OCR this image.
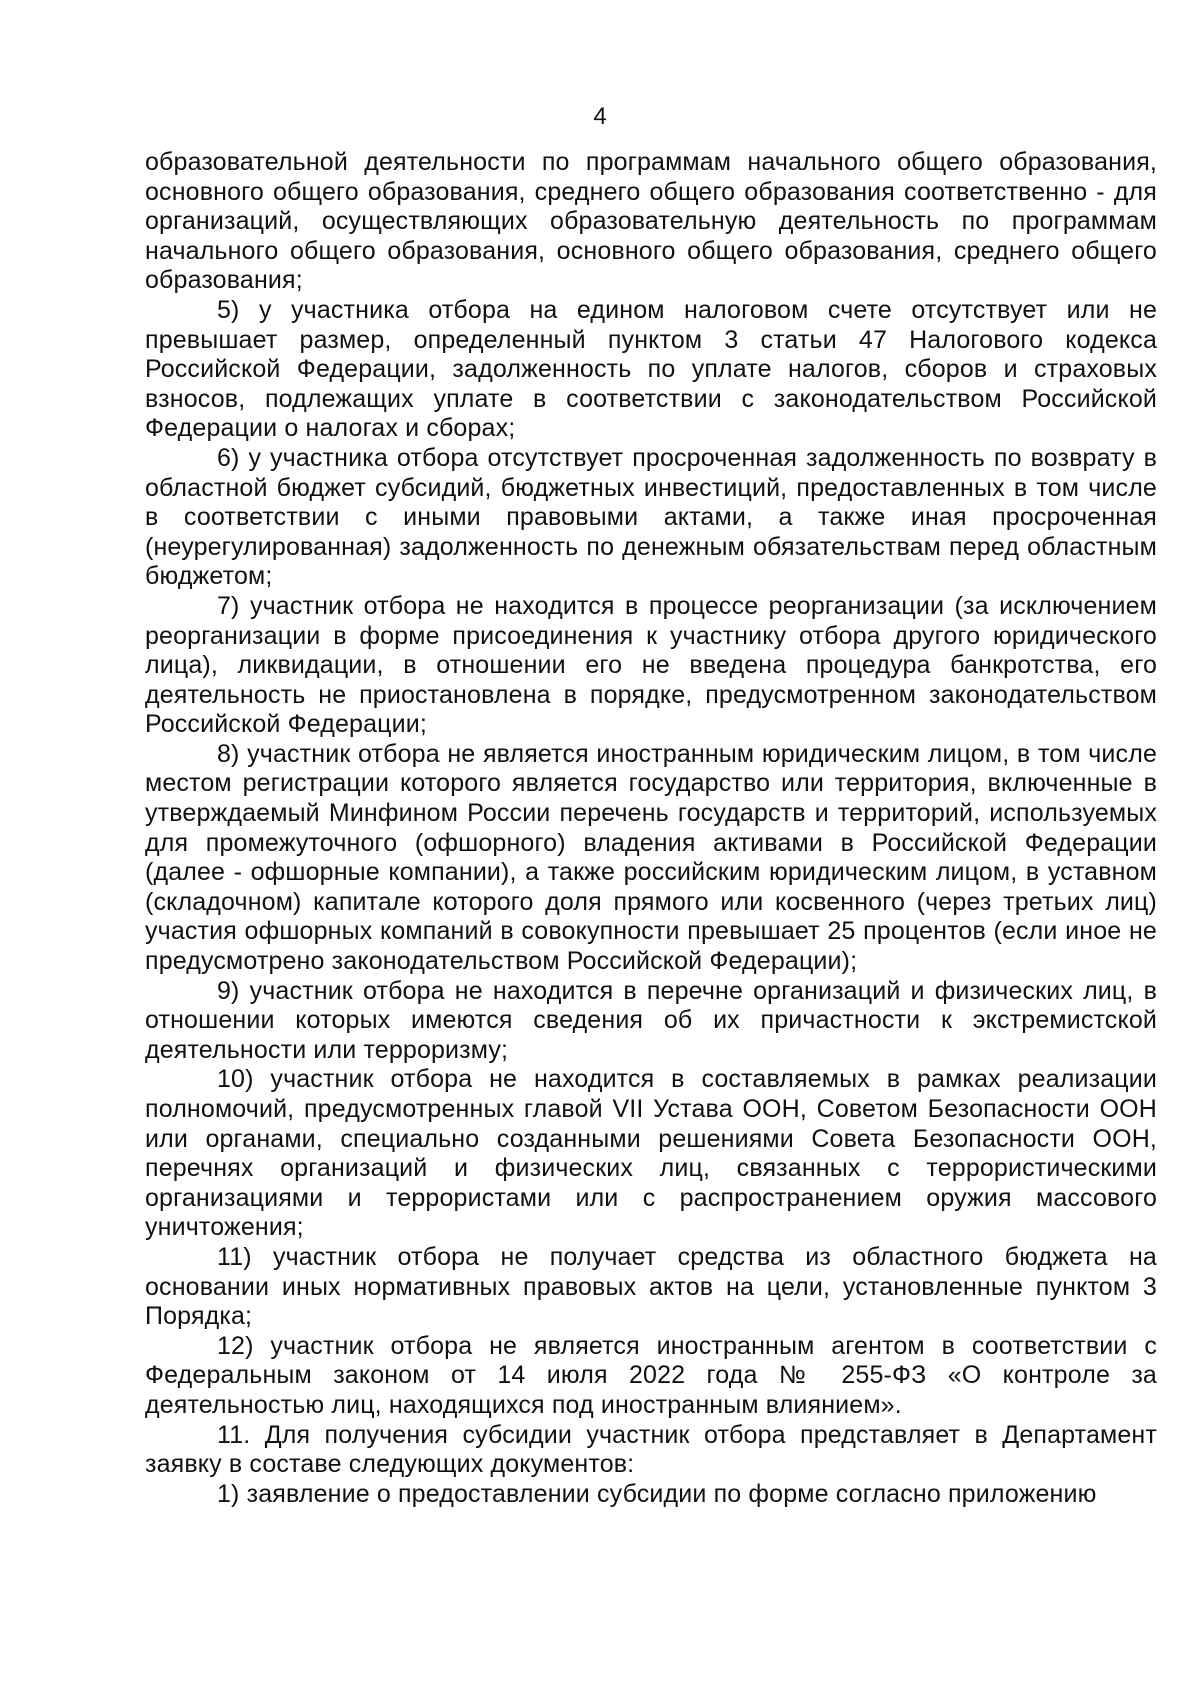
4

образовательной деятельности по программам начального общего образования, основного общего образования, среднего общего образования соответственно - для организаций, осуществляющих образовательную деятельность по программам начального общего образования, основного общего образования, среднего общего образования;

5) у участника отбора на едином налоговом счете отсутствует или не превышает размер, определенный пунктом 3 статьи 47 Налогового кодекса Российской Федерации, задолженность по уплате налогов, сборов и страховых взносов, подлежащих уплате в соответствии с законодательством Российской Федерации о налогах и сборах;

6) у участника отбора отсутствует просроченная задолженность по возврату в областной бюджет субсидий, бюджетных инвестиций, предоставленных в том числе в соответствии с иными правовыми актами, а также иная просроченная (неурегулированная) задолженность по денежным обязательствам перед областным бюджетом;

7) участник отбора не находится в процессе реорганизации (за исключением реорганизации в форме присоединения к участнику отбора другого юридического лица), ликвидации, в отношении его не введена процедура банкротства, его деятельность не приостановлена в порядке, предусмотренном законодательством Российской Федерации;

8) участник отбора не является иностранным юридическим лицом, в том числе местом регистрации которого является государство или территория, включенные в утверждаемый Минфином России перечень государств и территорий, используемых для промежуточного (офшорного) владения активами в Российской Федерации (далее - офшорные компании), а также российским юридическим лицом, в уставном (складочном) капитале которого доля прямого или косвенного (через третьих лиц) участия офшорных компаний в совокупности превышает 25 процентов (если иное не предусмотрено законодательством Российской Федерации);

9) участник отбора не находится в перечне организаций и физических лиц, в отношении которых имеются сведения об их причастности к экстремистской деятельности или терроризму;

10) участник отбора не находится в составляемых в рамках реализации полномочий, предусмотренных главой VII Устава ООН, Советом Безопасности ООН или органами, специально созданными решениями Совета Безопасности ООН, перечнях организаций и физических лиц, связанных с террористическими организациями и террористами или с распространением оружия массового уничтожения;

11) участник отбора не получает средства из областного бюджета на основании иных нормативных правовых актов на цели, установленные пунктом 3 Порядка;

12) участник отбора не является иностранным агентом в соответствии с Федеральным законом от 14 июля 2022 года № 255-ФЗ «О контроле за деятельностью лиц, находящихся под иностранным влиянием».

11. Для получения субсидии участник отбора представляет в Департамент заявку в составе следующих документов:

1) заявление о предоставлении субсидии по форме согласно приложению
